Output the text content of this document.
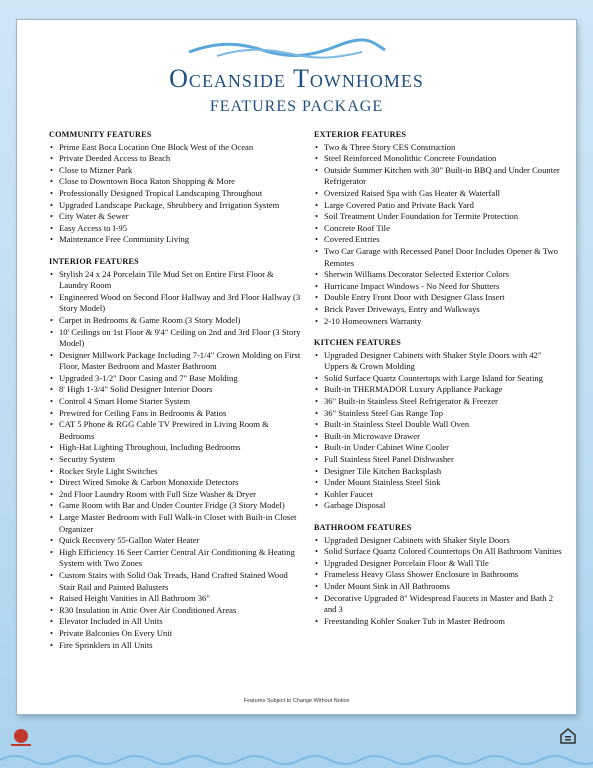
Oceanside Townhomes
FEATURES PACKAGE
COMMUNITY FEATURES
• Prime East Boca Location One Block West of the Ocean
• Private Deeded Access to Beach
• Close to Mizner Park
• Close to Downtown Boca Raton Shopping & More
• Professionally Designed Tropical Landscaping Throughout
• Upgraded Landscape Package, Shrubbery and Irrigation System
• City Water & Sewer
• Easy Access to I-95
• Maintenance Free Community Living
INTERIOR FEATURES
• Stylish 24 x 24 Porcelain Tile Mud Set on Entire First Floor & Laundry Room
• Engineered Wood on Second Floor Hallway and 3rd Floor Hallway (3 Story Model)
• Carpet in Bedrooms & Game Room (3 Story Model)
• 10' Ceilings on 1st Floor & 9'4" Ceiling on 2nd and 3rd Floor (3 Story Model)
• Designer Millwork Package Including 7-1/4" Crown Molding on First Floor, Master Bedroom and Master Bathroom
• Upgraded 3-1/2" Door Casing and 7" Base Molding
• 8' High 1-3/4" Solid Designer Interior Doors
• Control 4 Smart Home Starter System
• Prewired for Ceiling Fans in Bedrooms & Patios
• CAT 5 Phone & RGG Cable TV Prewired in Living Room & Bedrooms
• High-Hat Lighting Throughout, Including Bedrooms
• Security System
• Rocker Style Light Switches
• Direct Wired Smoke & Carbon Monoxide Detectors
• 2nd Floor Laundry Room with Full Size Washer & Dryer
• Game Room with Bar and Under Counter Fridge (3 Story Model)
• Large Master Bedroom with Full Walk-in Closet with Built-in Closet Organizer
• Quick Recovery 55-Gallon Water Heater
• High Efficiency 16 Seer Carrier Central Air Conditioning & Heating System with Two Zones
• Custom Stairs with Solid Oak Treads, Hand Crafted Stained Wood Stair Rail and Painted Balusters
• Raised Height Vanities in All Bathroom 36"
• R30 Insulation in Attic Over Air Conditioned Areas
• Elevator Included in All Units
• Private Balconies On Every Unit
• Fire Sprinklers in All Units
EXTERIOR FEATURES
• Two & Three Story CES Construction
• Steel Reinforced Monolithic Concrete Foundation
• Outside Summer Kitchen with 30" Built-in BBQ and Under Counter Refrigerator
• Oversized Raised Spa with Gas Heater & Waterfall
• Large Covered Patio and Private Back Yard
• Soil Treatment Under Foundation for Termite Protection
• Concrete Roof Tile
• Covered Entries
• Two Car Garage with Recessed Panel Door Includes Opener & Two Remotes
• Sherwin Williams Decorator Selected Exterior Colors
• Hurricane Impact Windows - No Need for Shutters
• Double Entry Front Door with Designer Glass Insert
• Brick Paver Driveways, Entry and Walkways
• 2-10 Homeowners Warranty
KITCHEN FEATURES
• Upgraded Designer Cabinets with Shaker Style Doors with 42" Uppers & Crown Molding
• Solid Surface Quartz Countertops with Large Island for Seating
• Built-in THERMADOR Luxury Appliance Package
• 36" Built-in Stainless Steel Refrigerator & Freezer
• 36" Stainless Steel Gas Range Top
• Built-in Stainless Steel Double Wall Oven
• Built-in Microwave Drawer
• Built-in Under Cabinet Wine Cooler
• Full Stainless Steel Panel Dishwasher
• Designer Tile Kitchen Backsplash
• Under Mount Stainless Steel Sink
• Kohler Faucet
• Garbage Disposal
BATHROOM FEATURES
• Upgraded Designer Cabinets with Shaker Style Doors
• Solid Surface Quartz Colored Countertops On All Bathroom Vanities
• Upgraded Designer Porcelain Floor & Wall Tile
• Frameless Heavy Glass Shower Enclosure in Bathrooms
• Under Mount Sink in All Bathrooms
• Decorative Upgraded 8" Widespread Faucets in Master and Bath 2 and 3
• Freestanding Kohler Soaker Tub in Master Bedroom
Features Subject to Change Without Notice
